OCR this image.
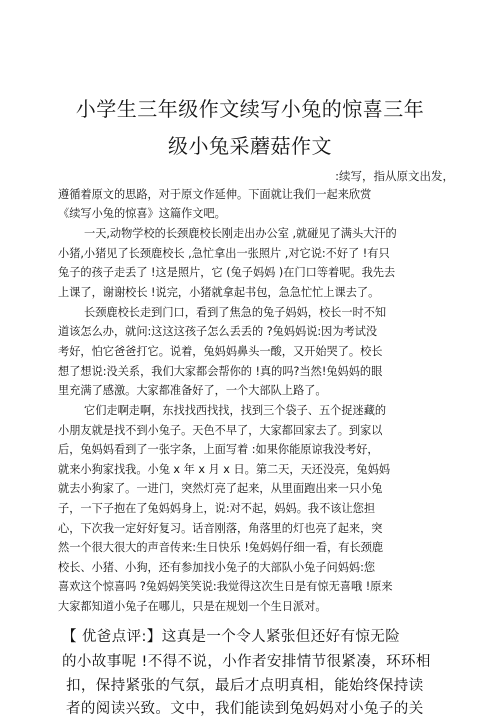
小学生三年级作文续写小兔的惊喜三年
级小兔采蘑菇作文
:续写，指从原文出发，
遵循着原文的思路，对于原文作延伸。下面就让我们一起来欣赏
《续写小兔的惊喜》这篇作文吧。
一天,动物学校的长颈鹿校长刚走出办公室 ,就碰见了满头大汗的
小猪,小猪见了长颈鹿校长 ,急忙拿出一张照片 ,对它说:不好了 !有只
兔子的孩子走丢了 !这是照片，它 (兔子妈妈 )在门口等着呢。我先去
上课了，谢谢校长 !说完，小猪就拿起书包，急急忙忙上课去了。
长颈鹿校长走到门口，看到了焦急的兔子妈妈，校长一时不知
道该怎么办，就问:这这这孩子怎么丢丢的 ?兔妈妈说:因为考试没
考好，怕它爸爸打它。说着，兔妈妈鼻头一酸，又开始哭了。校长
想了想说:没关系，我们大家都会帮你的 !真的吗?当然!兔妈妈的眼
里充满了感激。大家都准备好了，一个大部队上路了。
它们走啊走啊，东找找西找找，找到三个袋子、五个捉迷藏的
小朋友就是找不到小兔子。天色不早了，大家都回家去了。到家以
后，兔妈妈看到了一张字条，上面写着 :如果你能原谅我没考好，
就来小狗家找我。小兔 x 年 x 月 x 日。第二天，天还没亮，兔妈妈
就去小狗家了。一进门，突然灯亮了起来，从里面跑出来一只小兔
子，一下子抱在了兔妈妈身上，说:对不起，妈妈。我不该让您担
心，下次我一定好好复习。话音刚落，角落里的灯也亮了起来，突
然一个很大很大的声音传来:生日快乐 !兔妈妈仔细一看，有长颈鹿
校长、小猪、小狗，还有参加找小兔子的大部队小兔子问妈妈:您
喜欢这个惊喜吗 ?兔妈妈笑笑说:我觉得这次生日是有惊无喜哦 !原来
大家都知道小兔子在哪儿，只是在规划一个生日派对。
【 优爸点评:】这真是一个令人紧张但还好有惊无险
的小故事呢 !不得不说，小作者安排情节很紧凑，环环相
扣，保持紧张的气氛，最后才点明真相，能始终保持读
者的阅读兴致。文中，我们能读到兔妈妈对小兔子的关
